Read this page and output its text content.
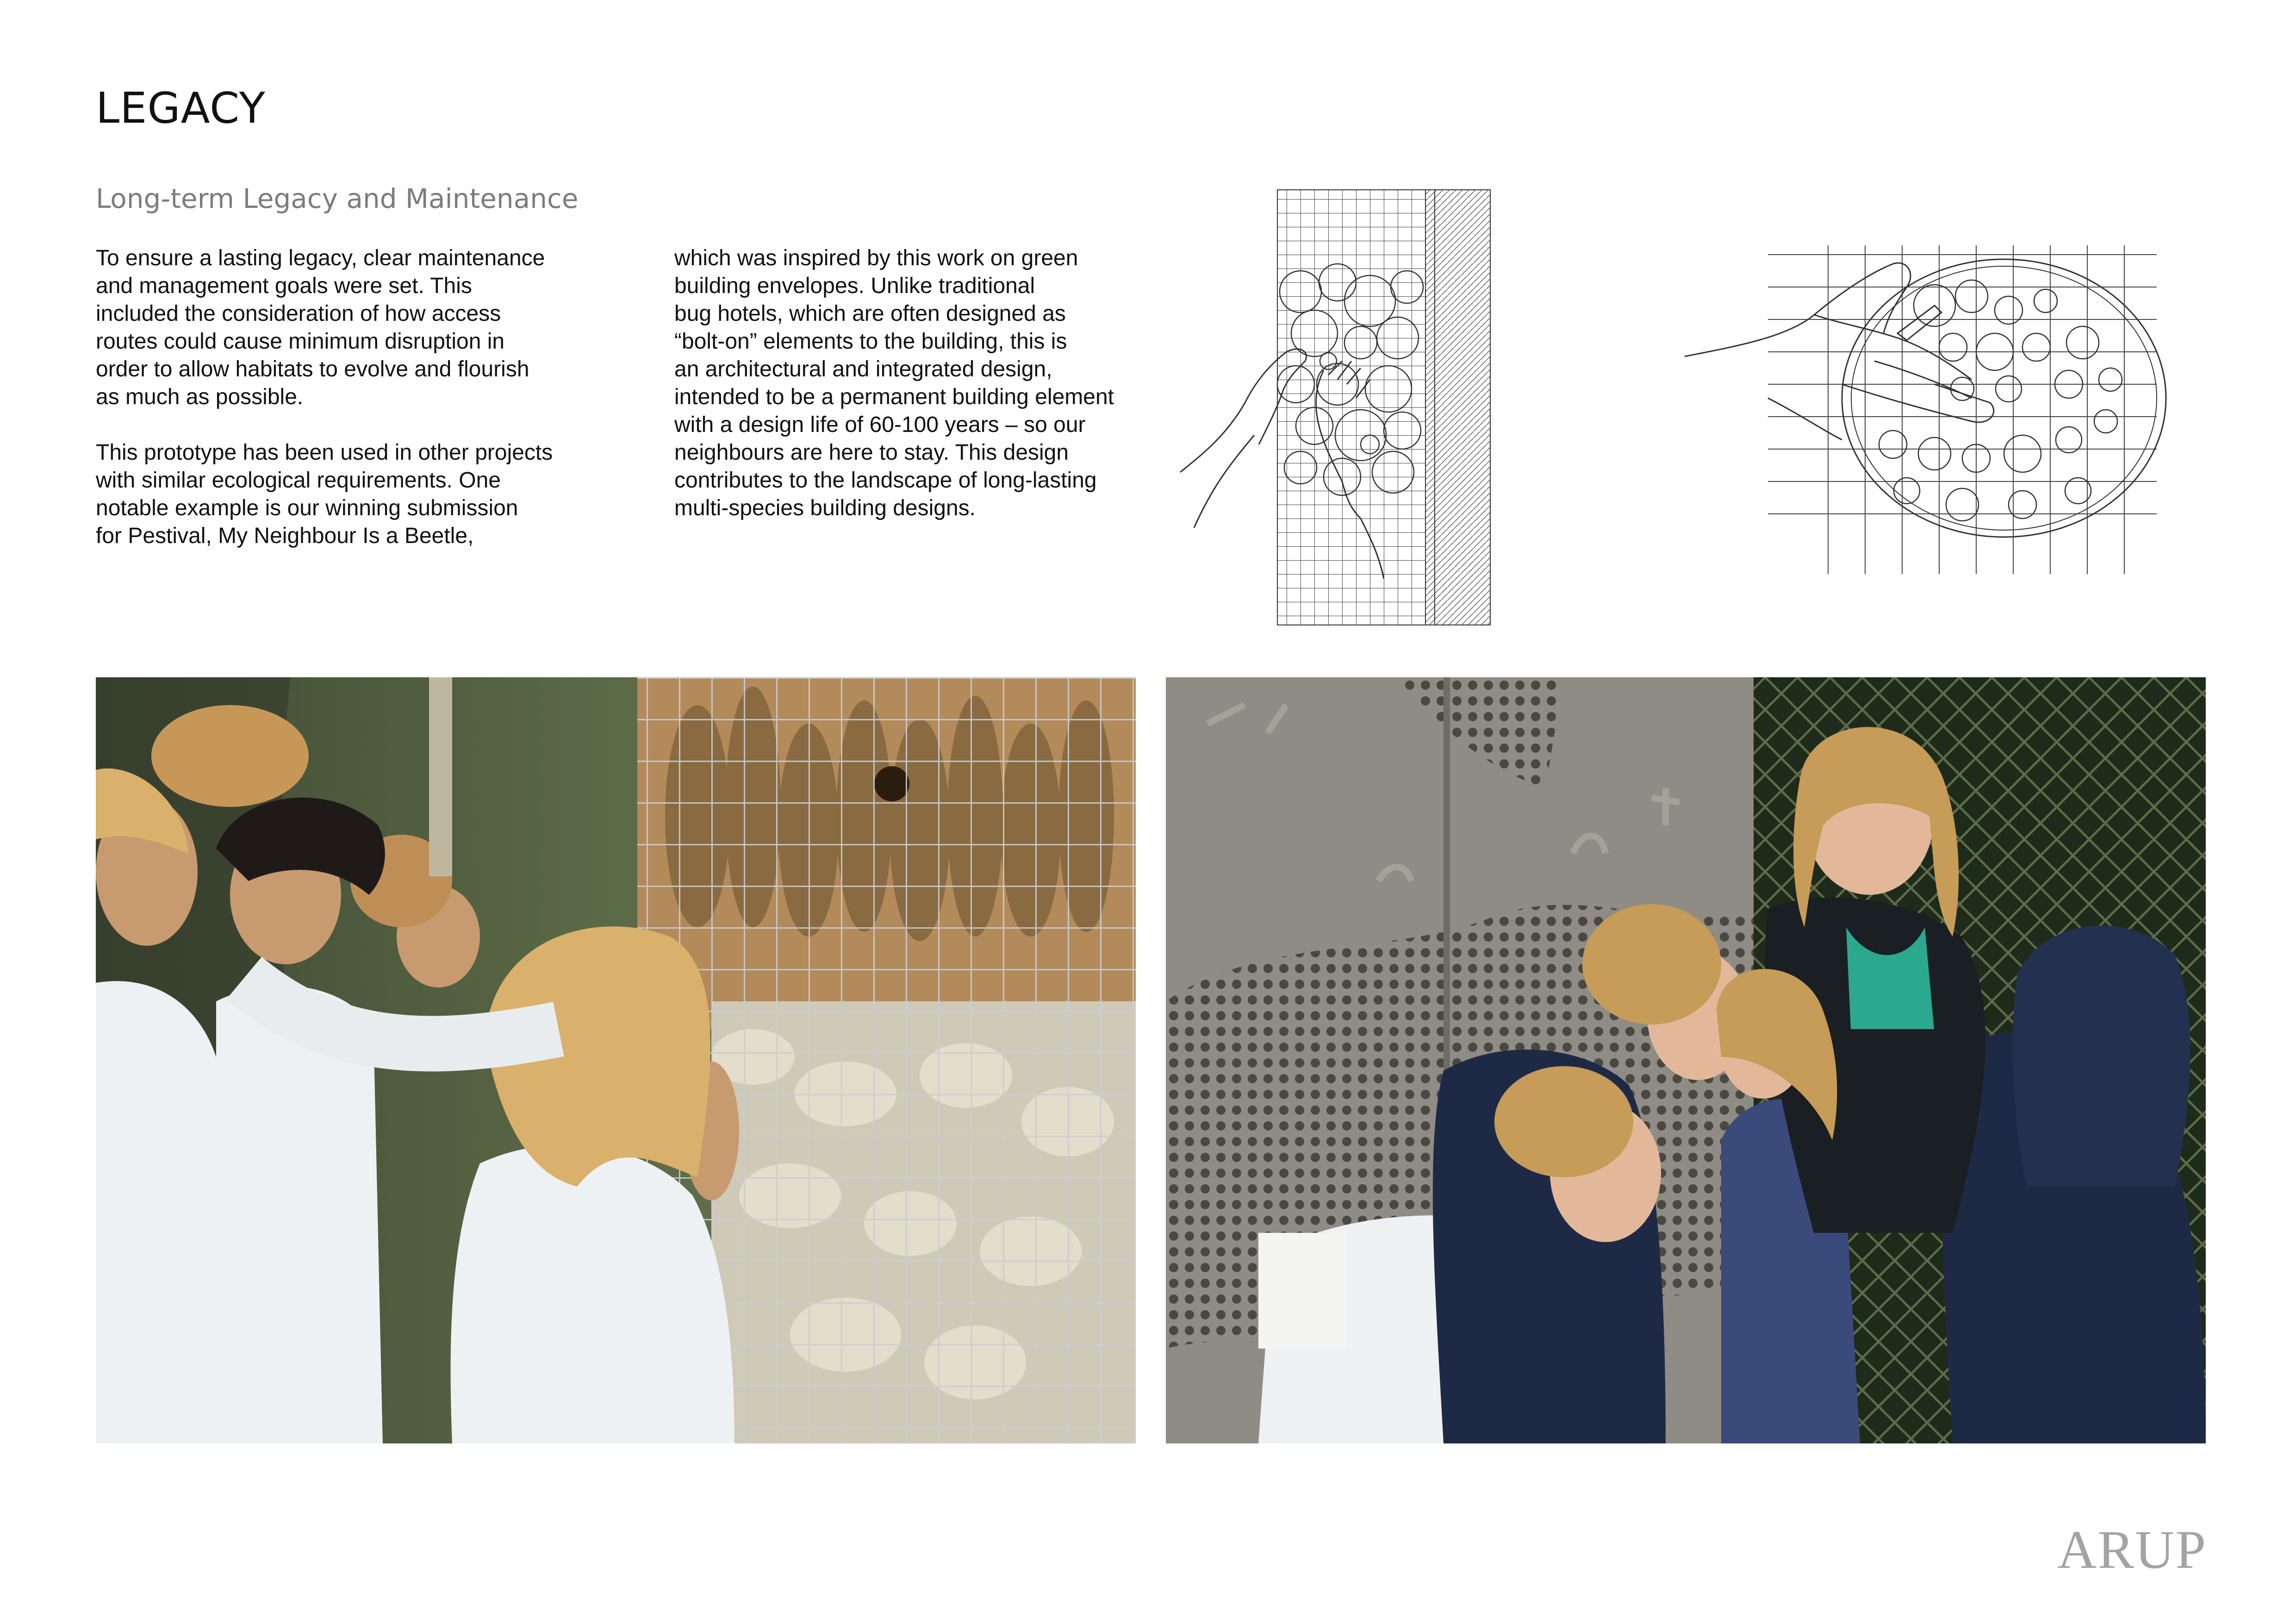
LEGACY
Long-term Legacy and Maintenance

To ensure a lasting legacy, clear maintenance
and management goals were set. This
included the consideration of how access
routes could cause minimum disruption in
order to allow habitats to evolve and flourish
as much as possible.

This prototype has been used in other projects
with similar ecological requirements. One
notable example is our winning submission
for Pestival, My Neighbour Is a Beetle,

which was inspired by this work on green
building envelopes. Unlike traditional
bug hotels, which are often designed as
“bolt-on” elements to the building, this is
an architectural and integrated design,
intended to be a permanent building element
with a design life of 60-100 years – so our
neighbours are here to stay. This design
contributes to the landscape of long-lasting
multi-species building designs.

ARUP
